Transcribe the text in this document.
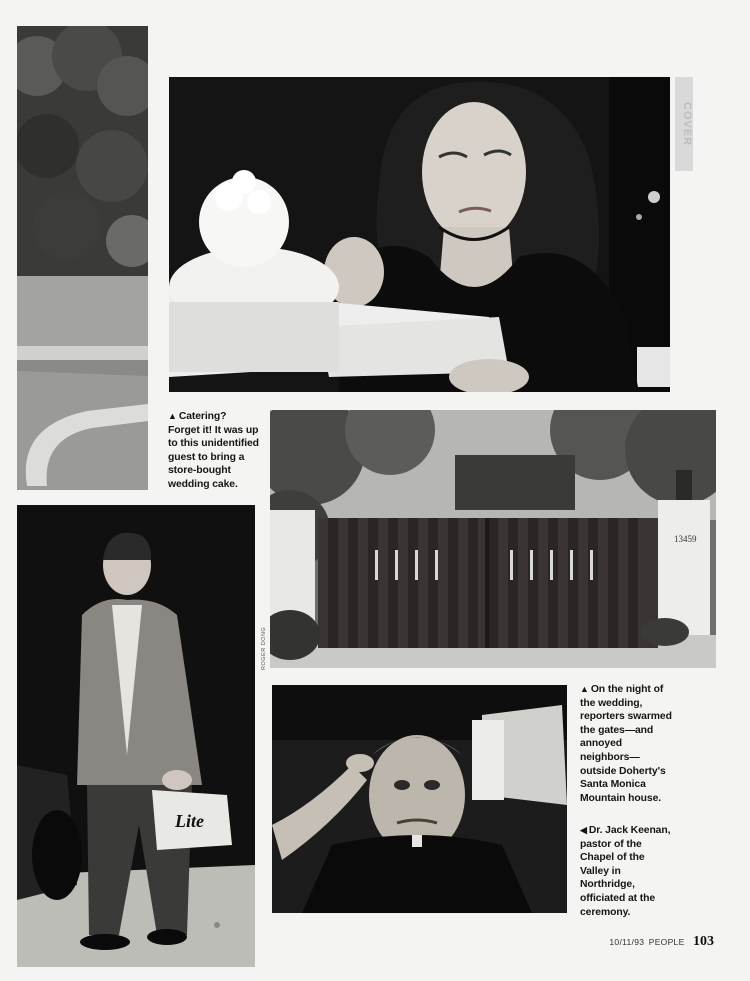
COVER
▲ Catering? Forget it! It was up to this unidentified guest to bring a store-bought wedding cake.
13459
ROGER DONG
Lite
▲ On the night of the wedding, reporters swarmed the gates—and annoyed neighbors—outside Doherty's Santa Monica Mountain house.
◀ Dr. Jack Keenan, pastor of the Chapel of the Valley in Northridge, officiated at the ceremony.
10/11/93 PEOPLE 103
